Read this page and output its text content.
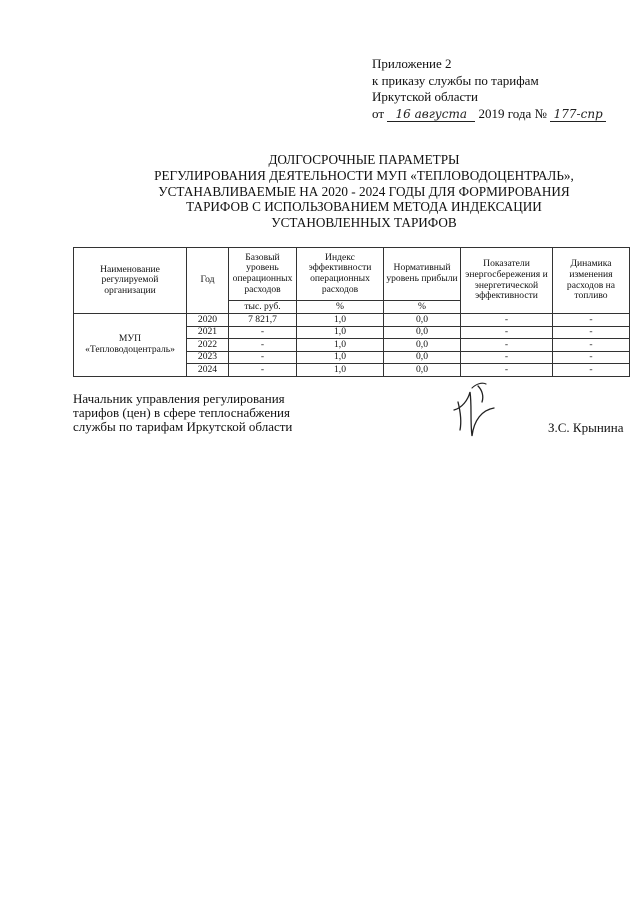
Приложение 2
к приказу службы по тарифам
Иркутской области
от 16 августа 2019 года № 177-спр
ДОЛГОСРОЧНЫЕ ПАРАМЕТРЫ
РЕГУЛИРОВАНИЯ ДЕЯТЕЛЬНОСТИ МУП «ТЕПЛОВОДОЦЕНТРАЛЬ»,
УСТАНАВЛИВАЕМЫЕ НА 2020 - 2024 ГОДЫ ДЛЯ ФОРМИРОВАНИЯ
ТАРИФОВ С ИСПОЛЬЗОВАНИЕМ МЕТОДА ИНДЕКСАЦИИ
УСТАНОВЛЕННЫХ ТАРИФОВ
Наименование регулируемой организации	Год	Базовый уровень операционных расходов	Индекс эффективности операционных расходов	Нормативный уровень прибыли	Показатели энергосбережения и энергетической эффективности	Динамика изменения расходов на топливо
		тыс. руб.	%	%		
МУП «Тепловодоцентраль»	2020	7 821,7	1,0	0,0	-	-
	2021	-	1,0	0,0	-	-
	2022	-	1,0	0,0	-	-
	2023	-	1,0	0,0	-	-
	2024	-	1,0	0,0	-	-
Начальник управления регулирования
тарифов (цен) в сфере теплоснабжения
службы по тарифам Иркутской области	З.С. Крынина
